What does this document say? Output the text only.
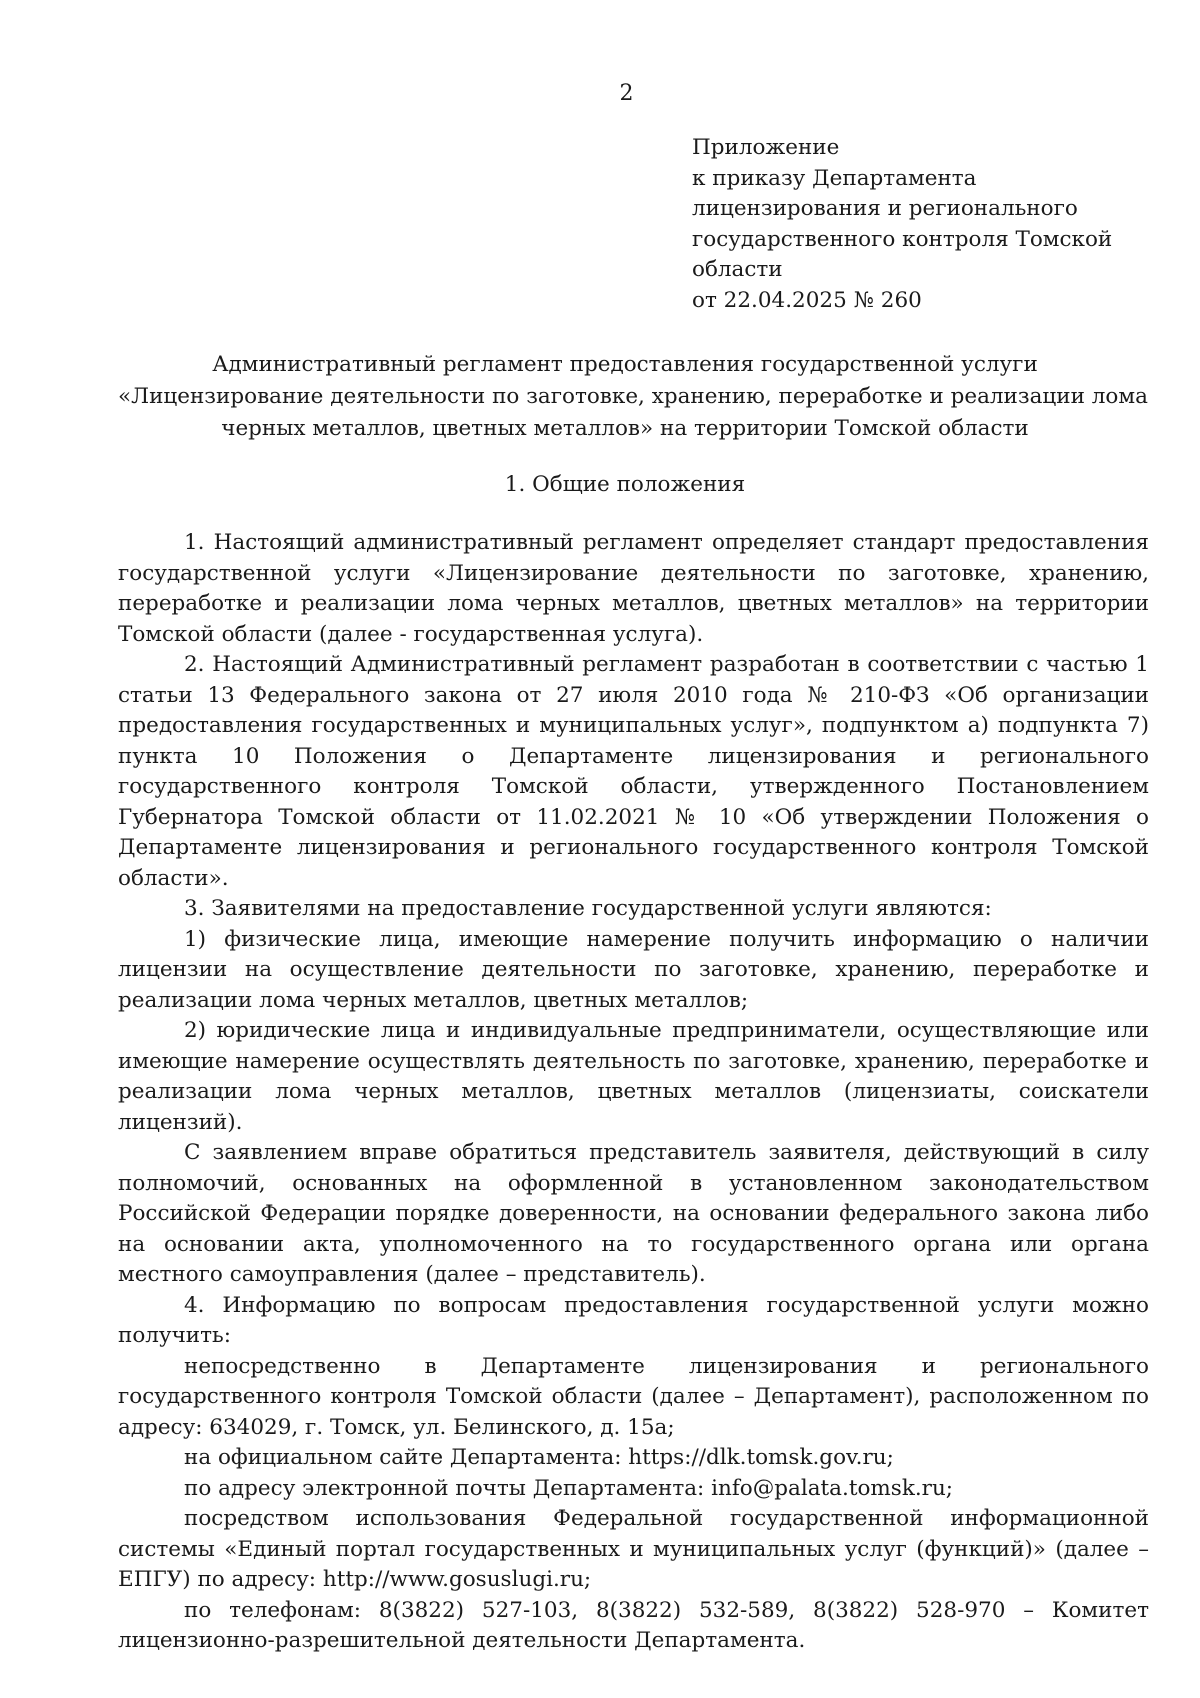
2
Приложение
к приказу Департамента
лицензирования и регионального
государственного контроля Томской
области
от 22.04.2025 № 260
Административный регламент предоставления государственной услуги
«Лицензирование деятельности по заготовке, хранению, переработке и реализации лома
черных металлов, цветных металлов» на территории Томской области
1. Общие положения

1. Настоящий административный регламент определяет стандарт предоставления государственной услуги «Лицензирование деятельности по заготовке, хранению, переработке и реализации лома черных металлов, цветных металлов» на территории Томской области (далее - государственная услуга).

2. Настоящий Административный регламент разработан в соответствии с частью 1 статьи 13 Федерального закона от 27 июля 2010 года № 210-ФЗ «Об организации предоставления государственных и муниципальных услуг», подпунктом а) подпункта 7) пункта 10 Положения о Департаменте лицензирования и регионального государственного контроля Томской области, утвержденного Постановлением Губернатора Томской области от 11.02.2021 № 10 «Об утверждении Положения о Департаменте лицензирования и регионального государственного контроля Томской области».

3. Заявителями на предоставление государственной услуги являются:

1) физические лица, имеющие намерение получить информацию о наличии лицензии на осуществление деятельности по заготовке, хранению, переработке и реализации лома черных металлов, цветных металлов;

2) юридические лица и индивидуальные предприниматели, осуществляющие или имеющие намерение осуществлять деятельность по заготовке, хранению, переработке и реализации лома черных металлов, цветных металлов (лицензиаты, соискатели лицензий).

С заявлением вправе обратиться представитель заявителя, действующий в силу полномочий, основанных на оформленной в установленном законодательством Российской Федерации порядке доверенности, на основании федерального закона либо на основании акта, уполномоченного на то государственного органа или органа местного самоуправления (далее – представитель).

4. Информацию по вопросам предоставления государственной услуги можно получить:

непосредственно в Департаменте лицензирования и регионального государственного контроля Томской области (далее – Департамент), расположенном по адресу: 634029, г. Томск, ул. Белинского, д. 15а;

на официальном сайте Департамента: https://dlk.tomsk.gov.ru;

по адресу электронной почты Департамента: info@palata.tomsk.ru;

посредством использования Федеральной государственной информационной системы «Единый портал государственных и муниципальных услуг (функций)» (далее – ЕПГУ) по адресу: http://www.gosuslugi.ru;

по телефонам: 8(3822) 527-103, 8(3822) 532-589, 8(3822) 528-970 – Комитет лицензионно-разрешительной деятельности Департамента.
